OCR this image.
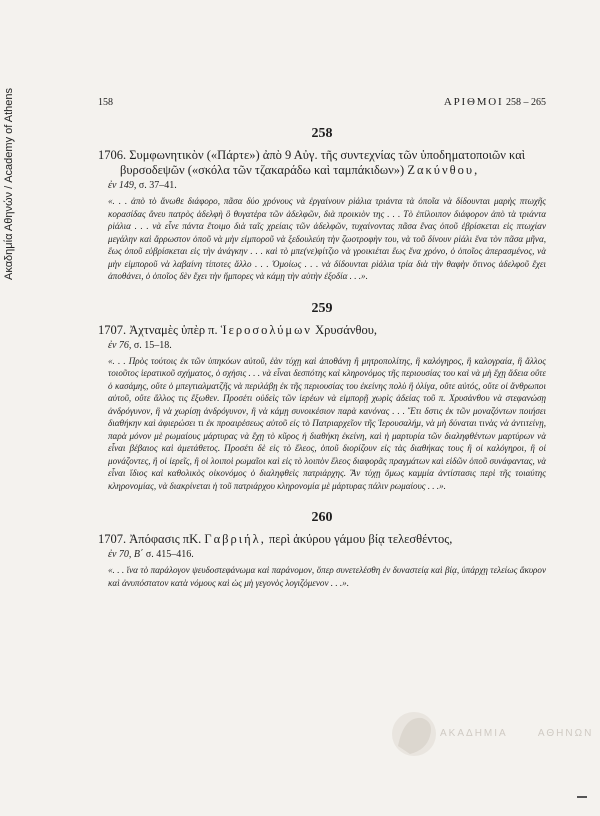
Ακαδημία Αθηνών / Academy of Athens	158	ΑΡΙΘΜΟΙ 258 – 265
258

1706. Συμφωνητικὸν («Πάρτε») ἀπὸ 9 Αὐγ. τῆς συντεχνίας τῶν ὑποδηματοποιῶν καὶ βυρσοδεψῶν («σκόλα τῶν τζακαράδω καὶ ταμπάκιδων») Ζακύνθου,

ἐν 149, σ. 37–41.

«. . . ἀπὸ τὸ ἄνωθε διάφορο, πᾶσα δύο χρόνους νὰ ἐργαίνουν ρiάλια τριάντα τὰ ὁποῖα νὰ δίδουνται μαρὴς πτωχῆς κορασίδας ἄνευ πατρὸς ἀδελφὴ ὃ θυγατέρα τῶν ἀδελφῶν, διὰ προικιὸν της . . . Τὸ ἐπίλοιπον διάφορον ἀπὸ τὰ τριάντα ρiάλια . . . νὰ εἶνε πάντα ἕτοιμο διὰ ταῖς χρείαις τῶν ἀδελφῶν, τυχαίνοντας πᾶσα ἕνας ὁποῦ ἐβρίσκεται εἰς πτωχίαν μεγάλην καὶ ἄρρωστον ὁποῦ νὰ μὴν εἰμποροῦ νὰ ξεδουλεύη τὴν ζωοτροφὴν του, νὰ τοῦ δίνουν ρiάλι ἕνα τὸν πᾶσα μῆνα, ἕως ὁποῦ εὐβρίσκεται εἰς τὴν ἀνάγκην . . . καὶ τὸ μπε(νε)φίτζιο νὰ γροικιέται ἕως ἕνα χρόνο, ὁ ὁποῖος ἀπερασμένος, νὰ μὴν εἰμποροῦ νὰ λαβαίνη τίποτες ἄλλο . . . Ὁμοίως . . . νὰ δίδουνται ρiάλια τρία διὰ τὴν θαφὴν ὅτινος ἀδελφοῦ ἔχει ἀποθάνει, ὁ ὁποῖος δὲν ἔχει τὴν ἤμπορες νὰ κάμῃ τὴν αὐτὴν ἐξοδία . . .».

259

1707. Ἀχτναμὲς ὑπὲρ π. Ἱεροσολύμων Χρυσάνθου,

ἐν 76, σ. 15–18.

«. . . Πρὸς τούτοις ἐκ τῶν ὑπηκόων αὐτοῦ, ἐὰν τύχῃ καὶ ἀποθάνῃ ἢ μητροπολίτης, ἢ καλόγηρος, ἢ καλογραία, ἢ ἄλλος τοιοῦτος ἱερατικοῦ σχήματος, ὁ σχἡσις . . . νὰ εἶναι δεσπότης καὶ κληρονόμος τῆς περιουσίας του καὶ νὰ μὴ ἔχῃ ἄδεια οὔτε ὁ κασάμης, οὔτε ὁ μπεγτιαλματζῆς νὰ περιλάβῃ ἐκ τῆς περιουσίας του ἐκείνης πολὺ ἢ ὀλίγα, οὔτε αὐτός, οὔτε οἱ ἄνθρωποι αὐτοῦ, οὔτε ἄλλος τις ἔξωθεν. Προσέτι οὐδεὶς τῶν ἱερέων νὰ εἰμπορῇ χωρὶς ἀδείας τοῦ π. Χρυσάνθου νὰ στεφανώσῃ ἀνδρόγυνον, ἢ νὰ χωρίσῃ ἀνδρόγυνον, ἢ νὰ κάμῃ συνοικέσιον παρὰ κανόνας . . . Ἔτι δστις ἐκ τῶν μοναζόντων ποιήσει διαθήκην καὶ ἀφιερώσει τι ἐκ προαιρέσεως αὐτοῦ εἰς τὸ Πατριαρχεῖον τῆς Ἱερουσαλήμ, νὰ μὴ δύναται τινὰς νὰ ἀντιτείνῃ, παρὰ μόνον μὲ ρωμαίους μάρτυρας νὰ ἔχῃ τὸ κῦρος ἡ διαθήκη ἐκείνη, καὶ ἡ μαρτυρία τῶν διαληφθέντων μαρτύρων νὰ εἶναι βέβαιος καὶ ἀμετάθετος. Προσέτι δὲ εἰς τὸ ἔλεος, ὁποῦ διορίζουν εἰς τὰς διαθήκας τους ἢ οἱ καλόγηροι, ἢ οἱ μονάζοντες, ἢ οἱ ἱερεῖς, ἢ οἱ λοιποὶ ρωμαῖοι καὶ εἰς τὸ λοιπὸν ἔλεος διαφορᾶς πραγμάτων καὶ εἰδῶν ὁποῦ συνάφαντας, νὰ εἶναι ἴδιος καὶ καθολικὸς οἰκονόμος ὁ διαληφθεὶς πατριάρχης. Ἂν τύχῃ ὅμως καμμία ἀντίστασις περὶ τῆς τοιαύτης κληρονομίας, νὰ διακρίνεται ἡ τοῦ πατριάρχου κληρονομία μὲ μάρτυρας πάλιν ρωμαίους . . .».

260

1707. Ἀπόφασις πΚ. Γαβριήλ, περὶ ἀκύρου γάμου βίᾳ τελεσθέντος,

ἐν 70, Β΄ σ. 415–416.

«. . . ἵνα τὸ παράλογον ψευδοστεφάνωμα καὶ παράνομον, ὅπερ συνετελέσθη ἐν δυναστείᾳ καὶ βίᾳ, ὑπάρχῃ τελείως ἄκυρον καὶ ἀνυπόστατον κατὰ νόμους καὶ ὡς μὴ γεγονὸς λογιζόμενον . . .».

ΑΚΑΔΗΜΙΑ	ΑΘΗΝΩΝ
